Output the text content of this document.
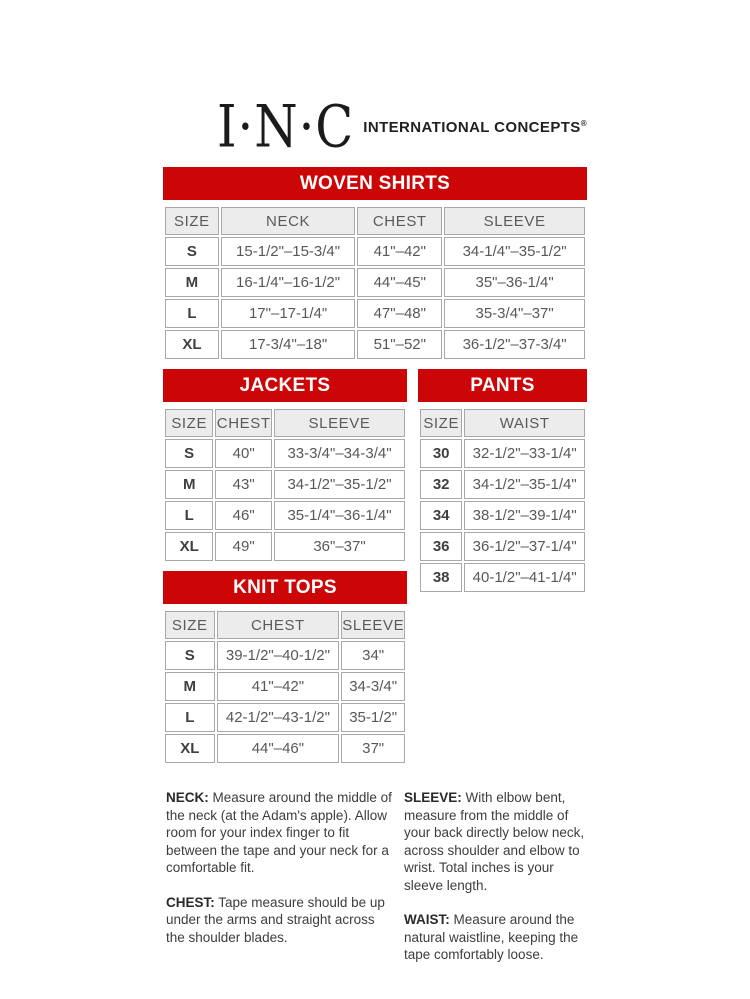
I·N·C INTERNATIONAL CONCEPTS®
WOVEN SHIRTS
SIZE	NECK	CHEST	SLEEVE
S	15-1/2"–15-3/4"	41"–42"	34-1/4"–35-1/2"
M	16-1/4"–16-1/2"	44"–45"	35"–36-1/4"
L	17"–17-1/4"	47"–48"	35-3/4"–37"
XL	17-3/4"–18"	51"–52"	36-1/2"–37-3/4"
JACKETS
SIZE	CHEST	SLEEVE
S	40"	33-3/4"–34-3/4"
M	43"	34-1/2"–35-1/2"
L	46"	35-1/4"–36-1/4"
XL	49"	36"–37"
KNIT TOPS
SIZE	CHEST	SLEEVE
S	39-1/2"–40-1/2"	34"
M	41"–42"	34-3/4"
L	42-1/2"–43-1/2"	35-1/2"
XL	44"–46"	37"
PANTS
SIZE	WAIST
30	32-1/2"–33-1/4"
32	34-1/2"–35-1/4"
34	38-1/2"–39-1/4"
36	36-1/2"–37-1/4"
38	40-1/2"–41-1/4"

NECK: Measure around the middle of the neck (at the Adam's apple). Allow room for your index finger to fit between the tape and your neck for a comfortable fit.

CHEST: Tape measure should be up under the arms and straight across the shoulder blades.

SLEEVE: With elbow bent, measure from the middle of your back directly below neck, across shoulder and elbow to wrist. Total inches is your sleeve length.

WAIST: Measure around the natural waistline, keeping the tape comfortably loose.
